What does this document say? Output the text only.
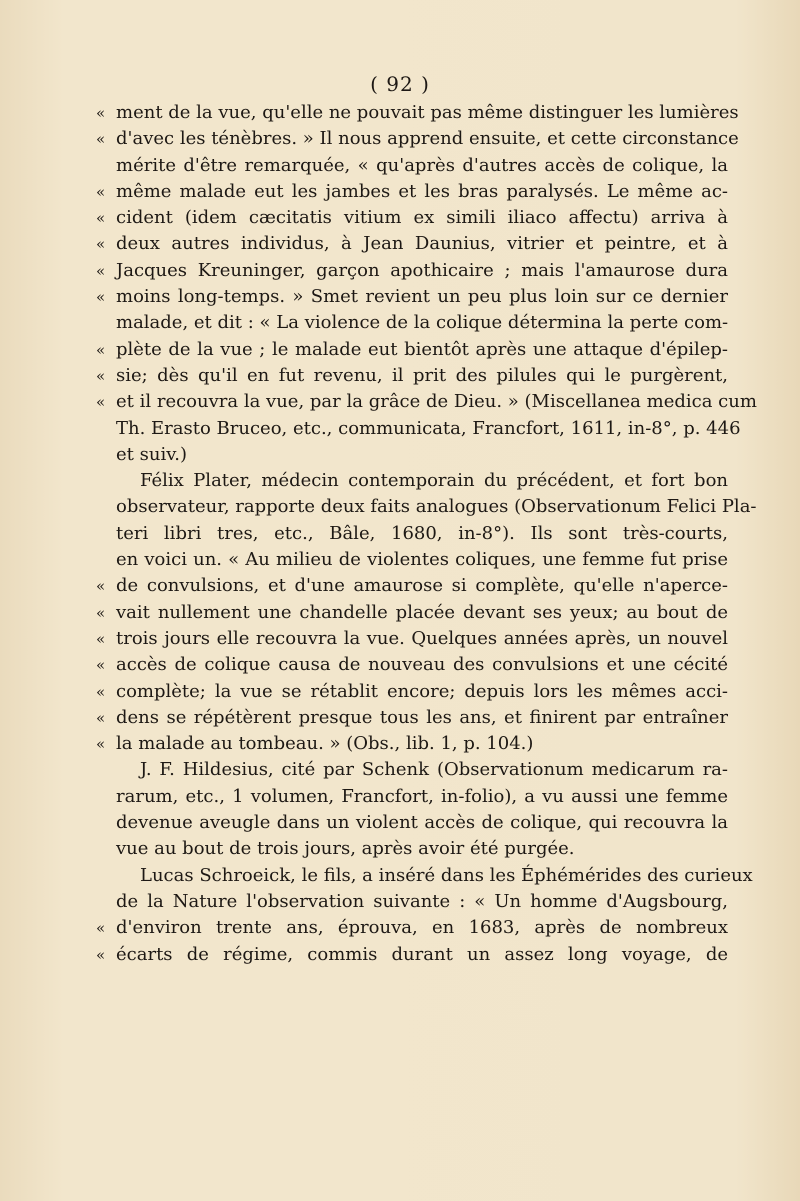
( 92 )
« ment de la vue, qu'elle ne pouvait pas même distinguer les lumières
« d'avec les ténèbres. » Il nous apprend ensuite, et cette circonstance
mérite d'être remarquée, « qu'après d'autres accès de colique, la
« même malade eut les jambes et les bras paralysés. Le même ac-
« cident (idem cæcitatis vitium ex simili iliaco affectu) arriva à
« deux autres individus, à Jean Daunius, vitrier et peintre, et à
« Jacques Kreuninger, garçon apothicaire ; mais l'amaurose dura
« moins long-temps. » Smet revient un peu plus loin sur ce dernier
malade, et dit : « La violence de la colique détermina la perte com-
« plète de la vue ; le malade eut bientôt après une attaque d'épilep-
« sie; dès qu'il en fut revenu, il prit des pilules qui le purgèrent,
« et il recouvra la vue, par la grâce de Dieu. » (Miscellanea medica cum
Th. Erasto Bruceo, etc., communicata, Francfort, 1611, in-8°, p. 446
et suiv.)
Félix Plater, médecin contemporain du précédent, et fort bon
observateur, rapporte deux faits analogues (Observationum Felici Pla-
teri libri tres, etc., Bâle, 1680, in-8°). Ils sont très-courts,
en voici un. « Au milieu de violentes coliques, une femme fut prise
« de convulsions, et d'une amaurose si complète, qu'elle n'aperce-
« vait nullement une chandelle placée devant ses yeux; au bout de
« trois jours elle recouvra la vue. Quelques années après, un nouvel
« accès de colique causa de nouveau des convulsions et une cécité
« complète; la vue se rétablit encore; depuis lors les mêmes acci-
« dens se répétèrent presque tous les ans, et finirent par entraîner
« la malade au tombeau. » (Obs., lib. 1, p. 104.)
J. F. Hildesius, cité par Schenk (Observationum medicarum ra-
rarum, etc., 1 volumen, Francfort, in-folio), a vu aussi une femme
devenue aveugle dans un violent accès de colique, qui recouvra la
vue au bout de trois jours, après avoir été purgée.
Lucas Schroeick, le fils, a inséré dans les Éphémérides des curieux
de la Nature l'observation suivante : « Un homme d'Augsbourg,
« d'environ trente ans, éprouva, en 1683, après de nombreux
« écarts de régime, commis durant un assez long voyage, de
